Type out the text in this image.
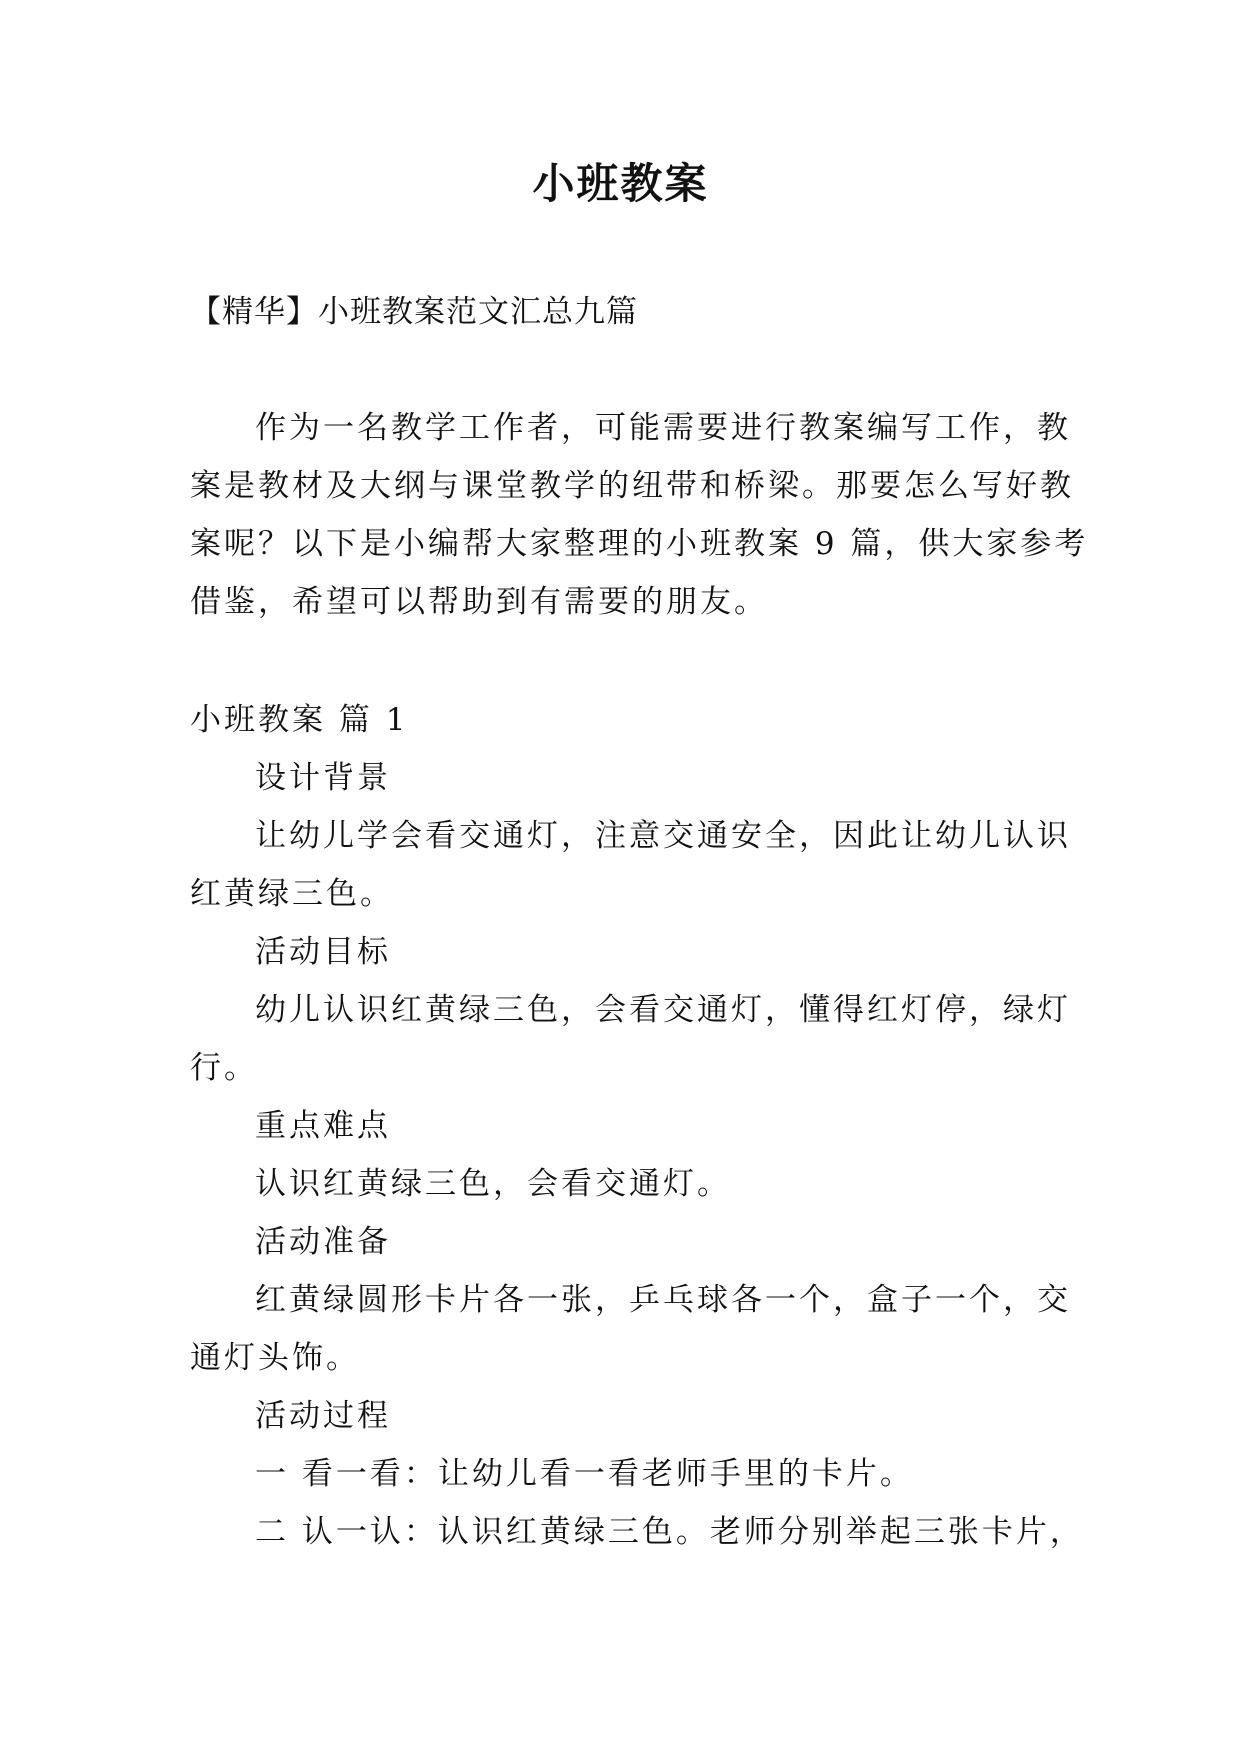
小班教案
【精华】小班教案范文汇总九篇
作为一名教学工作者，可能需要进行教案编写工作，教
案是教材及大纲与课堂教学的纽带和桥梁。那要怎么写好教
案呢？以下是小编帮大家整理的小班教案 9 篇，供大家参考
借鉴，希望可以帮助到有需要的朋友。
小班教案 篇 1
设计背景
让幼儿学会看交通灯，注意交通安全，因此让幼儿认识
红黄绿三色。
活动目标
幼儿认识红黄绿三色，会看交通灯，懂得红灯停，绿灯
行。
重点难点
认识红黄绿三色，会看交通灯。
活动准备
红黄绿圆形卡片各一张，乒乓球各一个，盒子一个，交
通灯头饰。
活动过程
一 看一看：让幼儿看一看老师手里的卡片。
二 认一认：认识红黄绿三色。老师分别举起三张卡片，
